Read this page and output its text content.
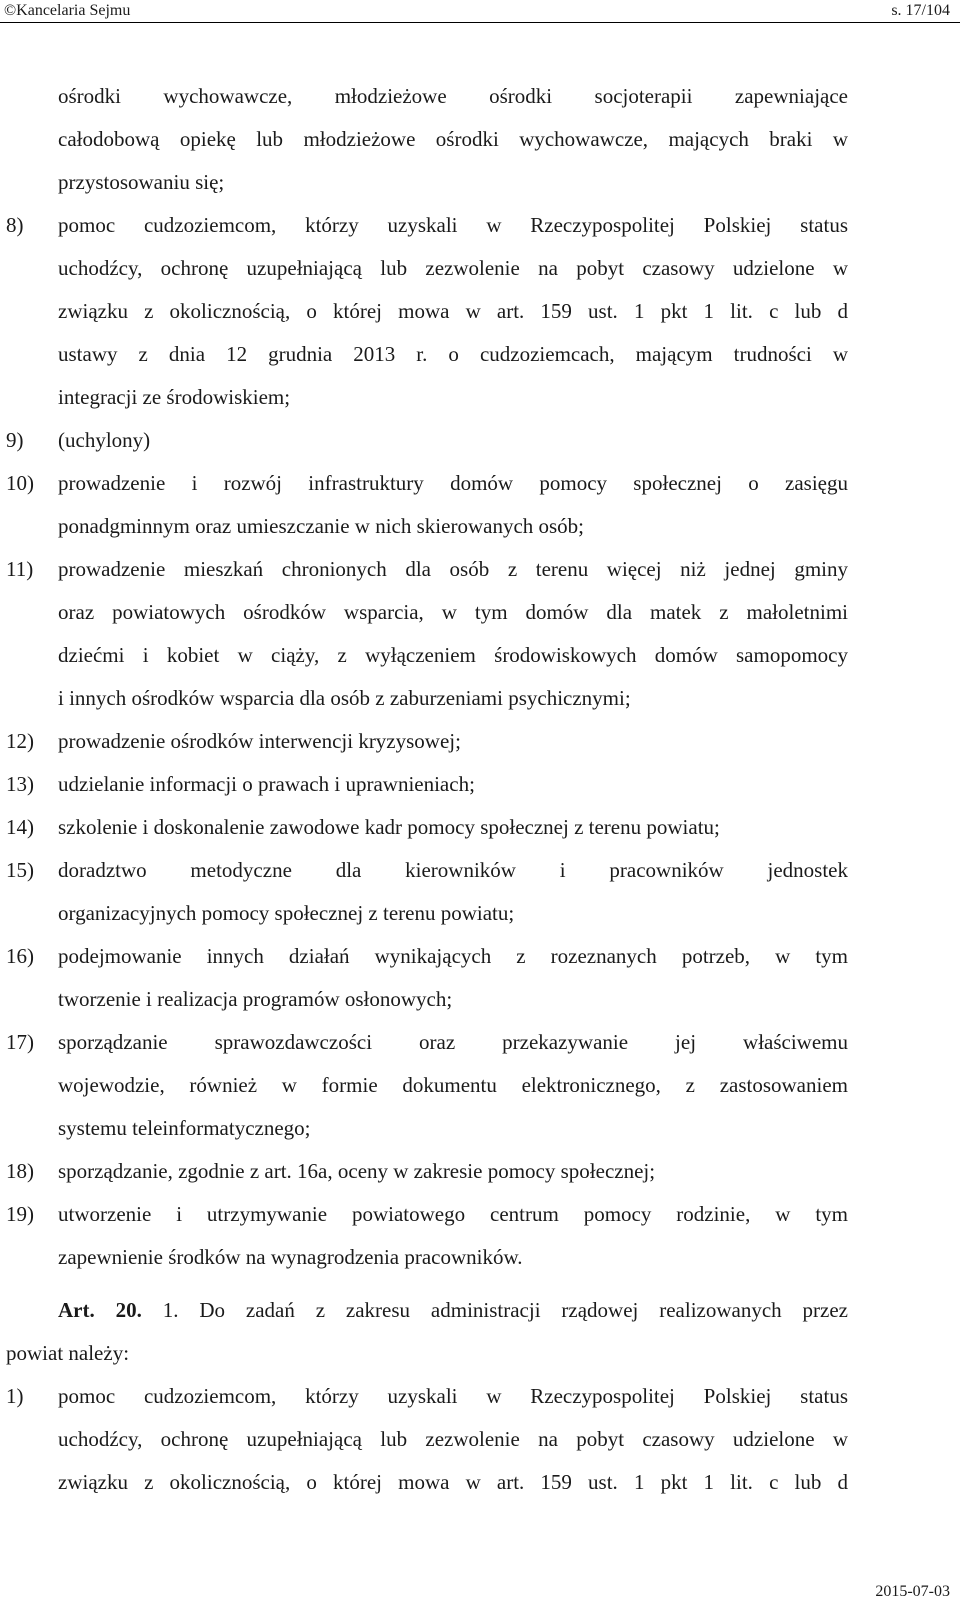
©Kancelaria Sejmu	s. 17/104
ośrodki wychowawcze, młodzieżowe ośrodki socjoterapii zapewniające
całodobową opiekę lub młodzieżowe ośrodki wychowawcze, mających braki w
przystosowaniu się;
8) pomoc cudzoziemcom, którzy uzyskali w Rzeczypospolitej Polskiej status
uchodźcy, ochronę uzupełniającą lub zezwolenie na pobyt czasowy udzielone w
związku z okolicznością, o której mowa w art. 159 ust. 1 pkt 1 lit. c lub d
ustawy z dnia 12 grudnia 2013 r. o cudzoziemcach, mającym trudności w
integracji ze środowiskiem;
9) (uchylony)
10) prowadzenie i rozwój infrastruktury domów pomocy społecznej o zasięgu
ponadgminnym oraz umieszczanie w nich skierowanych osób;
11) prowadzenie mieszkań chronionych dla osób z terenu więcej niż jednej gminy
oraz powiatowych ośrodków wsparcia, w tym domów dla matek z małoletnimi
dziećmi i kobiet w ciąży, z wyłączeniem środowiskowych domów samopomocy
i innych ośrodków wsparcia dla osób z zaburzeniami psychicznymi;
12) prowadzenie ośrodków interwencji kryzysowej;
13) udzielanie informacji o prawach i uprawnieniach;
14) szkolenie i doskonalenie zawodowe kadr pomocy społecznej z terenu powiatu;
15) doradztwo metodyczne dla kierowników i pracowników jednostek
organizacyjnych pomocy społecznej z terenu powiatu;
16) podejmowanie innych działań wynikających z rozeznanych potrzeb, w tym
tworzenie i realizacja programów osłonowych;
17) sporządzanie sprawozdawczości oraz przekazywanie jej właściwemu
wojewodzie, również w formie dokumentu elektronicznego, z zastosowaniem
systemu teleinformatycznego;
18) sporządzanie, zgodnie z art. 16a, oceny w zakresie pomocy społecznej;
19) utworzenie i utrzymywanie powiatowego centrum pomocy rodzinie, w tym
zapewnienie środków na wynagrodzenia pracowników.
Art. 20. 1. Do zadań z zakresu administracji rządowej realizowanych przez
powiat należy:
1) pomoc cudzoziemcom, którzy uzyskali w Rzeczypospolitej Polskiej status
uchodźcy, ochronę uzupełniającą lub zezwolenie na pobyt czasowy udzielone w
związku z okolicznością, o której mowa w art. 159 ust. 1 pkt 1 lit. c lub d
2015-07-03
